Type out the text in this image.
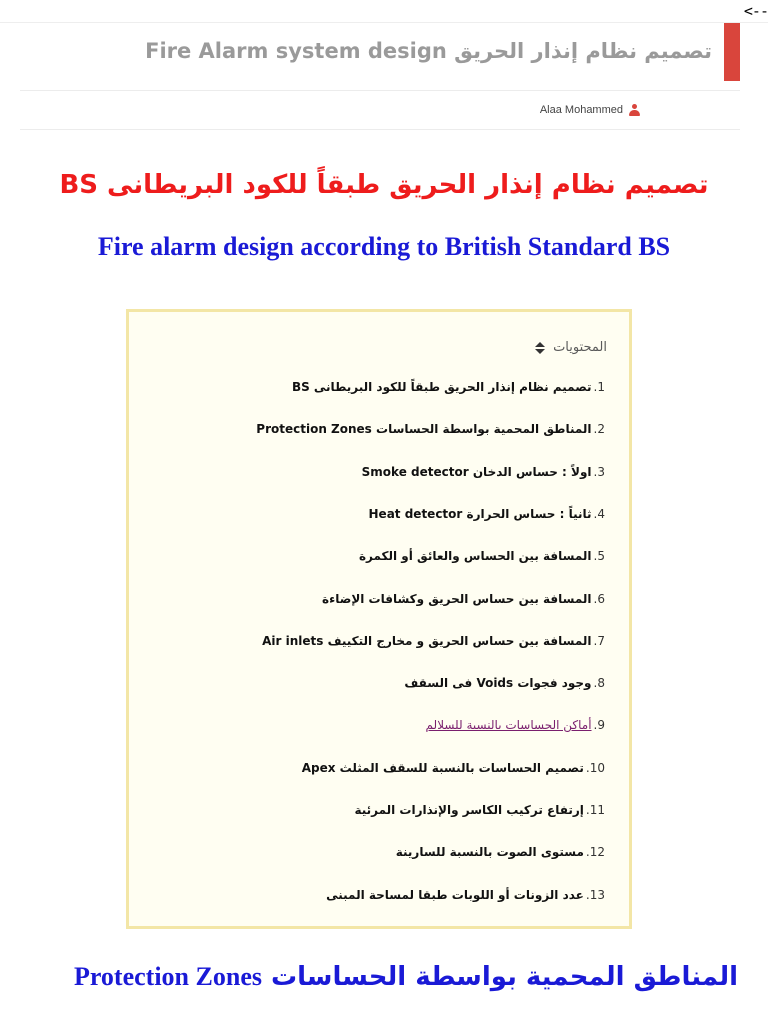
<--
تصميم نظام إنذار الحريق Fire Alarm system design
Alaa Mohammed
تصميم نظام إنذار الحريق طبقاً للكود البريطانى BS
Fire alarm design according to British Standard BS
المحتويات
1.
تصميم نظام إنذار الحريق طبقاً للكود البريطانى BS
2.
المناطق المحمية بواسطة الحساسات Protection Zones
3.
اولاً : حساس الدخان Smoke detector
4.
ثانياً : حساس الحرارة Heat detector
5.
المسافة بين الحساس والعائق أو الكمرة
6.
المسافة بين حساس الحريق وكشافات الإضاءة
7.
المسافة بين حساس الحريق و مخارج التكييف Air inlets
8.
وجود فجوات Voids فى السقف
9.
أماكن الحساسات بالنسبة للسلالم
10.
تصميم الحساسات بالنسبة للسقف المثلث Apex
11.
إرتفاع تركيب الكاسر والإنذارات المرئية
12.
مستوى الصوت بالنسبة للسارينة
13.
عدد الزونات أو اللوبات طبقا لمساحة المبنى
المناطق المحمية بواسطة الحساسات Protection Zones
